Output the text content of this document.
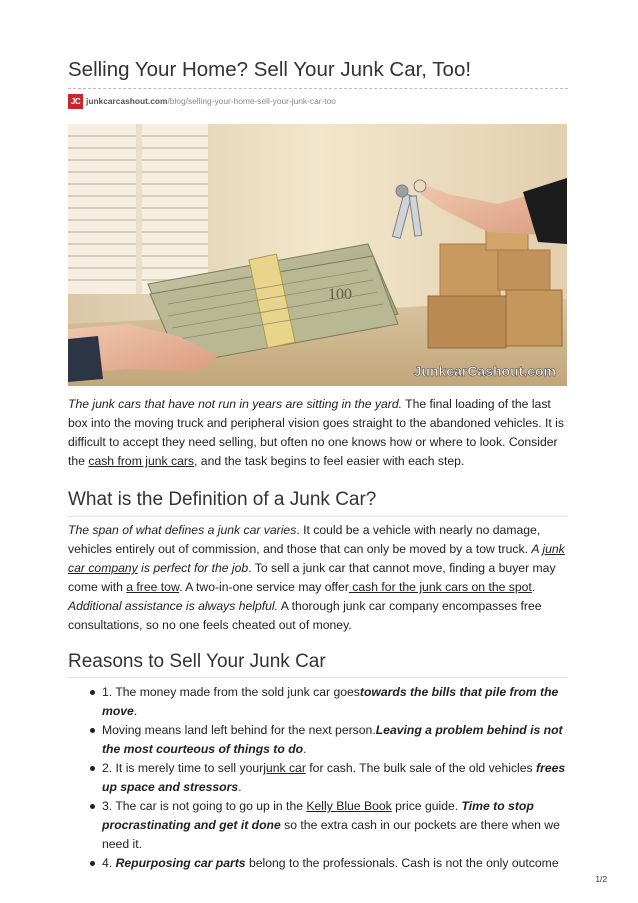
Selling Your Home? Sell Your Junk Car, Too!
JC junkcarcashout.com /blog/selling-your-home-sell-your-junk-car-too
100
JunkcarCashout.com

The junk cars that have not run in years are sitting in the yard. The final loading of the last box into the moving truck and peripheral vision goes straight to the abandoned vehicles. It is difficult to accept they need selling, but often no one knows how or where to look. Consider the cash from junk cars, and the task begins to feel easier with each step.

What is the Definition of a Junk Car?

The span of what defines a junk car varies. It could be a vehicle with nearly no damage, vehicles entirely out of commission, and those that can only be moved by a tow truck. A junk car company is perfect for the job. To sell a junk car that cannot move, finding a buyer may come with a free tow. A two-in-one service may offer cash for the junk cars on the spot. Additional assistance is always helpful. A thorough junk car company encompasses free consultations, so no one feels cheated out of money.

Reasons to Sell Your Junk Car
1. The money made from the sold junk car goestowards the bills that pile from the move.
Moving means land left behind for the next person.Leaving a problem behind is not the most courteous of things to do.
2. It is merely time to sell yourjunk car for cash. The bulk sale of the old vehicles frees up space and stressors.
3. The car is not going to go up in the Kelly Blue Book price guide. Time to stop procrastinating and get it done so the extra cash in our pockets are there when we need it.
4. Repurposing car parts belong to the professionals. Cash is not the only outcome
1/2
